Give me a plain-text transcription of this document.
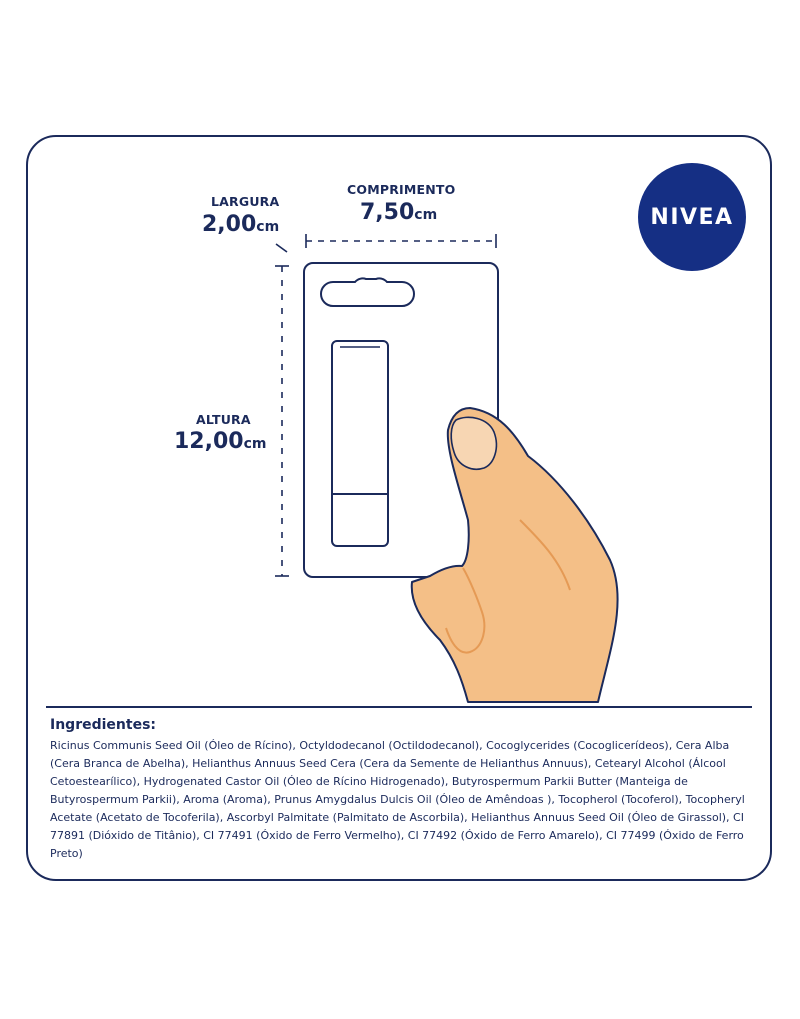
NIVEA
LARGURA
2,00cm
COMPRIMENTO
7,50cm
ALTURA
12,00cm
Ingredientes:
Ricinus Communis Seed Oil (Óleo de Rícino), Octyldodecanol (Octildodecanol), Cocoglycerides (Cocoglicerídeos), Cera Alba (Cera Branca de Abelha), Helianthus Annuus Seed Cera (Cera da Semente de Helianthus Annuus), Cetearyl Alcohol (Álcool Cetoestearílico), Hydrogenated Castor Oil (Óleo de Rícino Hidrogenado), Butyrospermum Parkii Butter (Manteiga de Butyrospermum Parkii), Aroma (Aroma), Prunus Amygdalus Dulcis Oil (Óleo de Amêndoas ), Tocopherol (Tocoferol), Tocopheryl Acetate (Acetato de Tocoferila), Ascorbyl Palmitate (Palmitato de Ascorbila), Helianthus Annuus Seed Oil (Óleo de Girassol), CI 77891 (Dióxido de Titânio), CI 77491 (Óxido de Ferro Vermelho), CI 77492 (Óxido de Ferro Amarelo), CI 77499 (Óxido de Ferro Preto)
